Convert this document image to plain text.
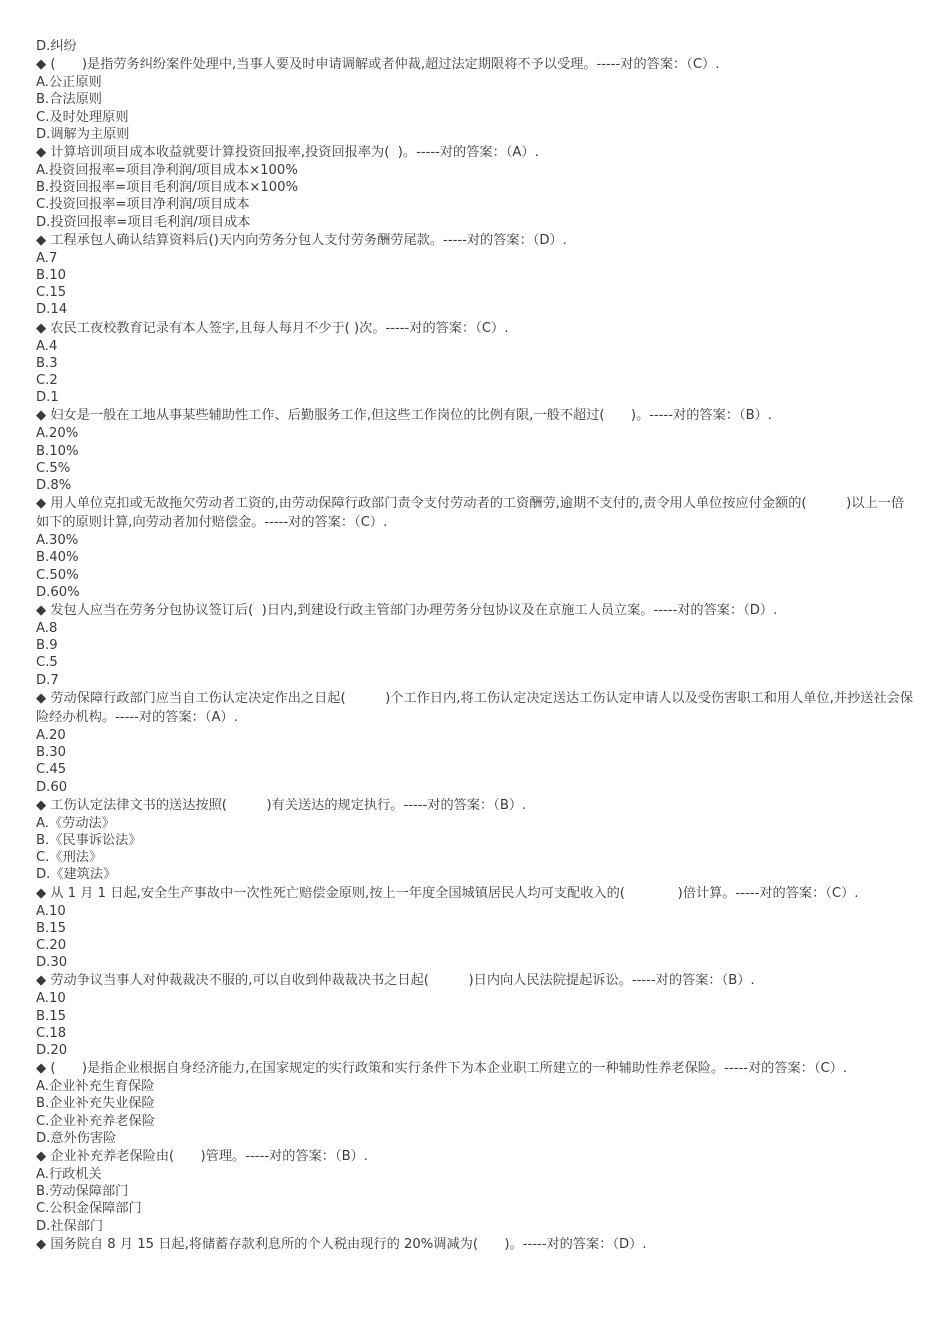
D.纠纷
◆ (　　)是指劳务纠纷案件处理中,当事人要及时申请调解或者仲裁,超过法定期限将不予以受理。-----对的答案：（C）.
A.公正原则
B.合法原则
C.及时处理原则
D.调解为主原则
◆ 计算培训项目成本收益就要计算投资回报率,投资回报率为(  )。-----对的答案：（A）.
A.投资回报率=项目净利润/项目成本×100%
B.投资回报率=项目毛利润/项目成本×100%
C.投资回报率=项目净利润/项目成本
D.投资回报率=项目毛利润/项目成本
◆ 工程承包人确认结算资料后()天内向劳务分包人支付劳务酬劳尾款。-----对的答案：（D）.
A.7
B.10
C.15
D.14
◆ 农民工夜校教育记录有本人签字,且每人每月不少于( )次。-----对的答案：（C）.
A.4
B.3
C.2
D.1
◆ 妇女是一般在工地从事某些辅助性工作、后勤服务工作,但这些工作岗位的比例有限,一般不超过(　　)。-----对的答案：（B）.
A.20%
B.10%
C.5%
D.8%
◆ 用人单位克扣或无故拖欠劳动者工资的,由劳动保障行政部门责令支付劳动者的工资酬劳,逾期不支付的,责令用人单位按应付金额的(　　　)以上一倍如下的原则计算,向劳动者加付赔偿金。-----对的答案：（C）.
A.30%
B.40%
C.50%
D.60%
◆ 发包人应当在劳务分包协议签订后(  )日内,到建设行政主管部门办理劳务分包协议及在京施工人员立案。-----对的答案：（D）.
A.8
B.9
C.5
D.7
◆ 劳动保障行政部门应当自工伤认定决定作出之日起(　　　)个工作日内,将工伤认定决定送达工伤认定申请人以及受伤害职工和用人单位,并抄送社会保险经办机构。-----对的答案：（A）.
A.20
B.30
C.45
D.60
◆ 工伤认定法律文书的送达按照(　　　)有关送达的规定执行。-----对的答案：（B）.
A.《劳动法》
B.《民事诉讼法》
C.《刑法》
D.《建筑法》
◆ 从 1 月 1 日起,安全生产事故中一次性死亡赔偿金原则,按上一年度全国城镇居民人均可支配收入的(　　　　)倍计算。-----对的答案：（C）.
A.10
B.15
C.20
D.30
◆ 劳动争议当事人对仲裁裁决不服的,可以自收到仲裁裁决书之日起(　　　)日内向人民法院提起诉讼。-----对的答案：（B）.
A.10
B.15
C.18
D.20
◆ (　　)是指企业根据自身经济能力,在国家规定的实行政策和实行条件下为本企业职工所建立的一种辅助性养老保险。-----对的答案：（C）.
A.企业补充生育保险
B.企业补充失业保险
C.企业补充养老保险
D.意外伤害险
◆ 企业补充养老保险由(　　)管理。-----对的答案：（B）.
A.行政机关
B.劳动保障部门
C.公积金保障部门
D.社保部门
◆ 国务院自 8 月 15 日起,将储蓄存款利息所的个人税由现行的 20%调减为(　　)。-----对的答案：（D）.
